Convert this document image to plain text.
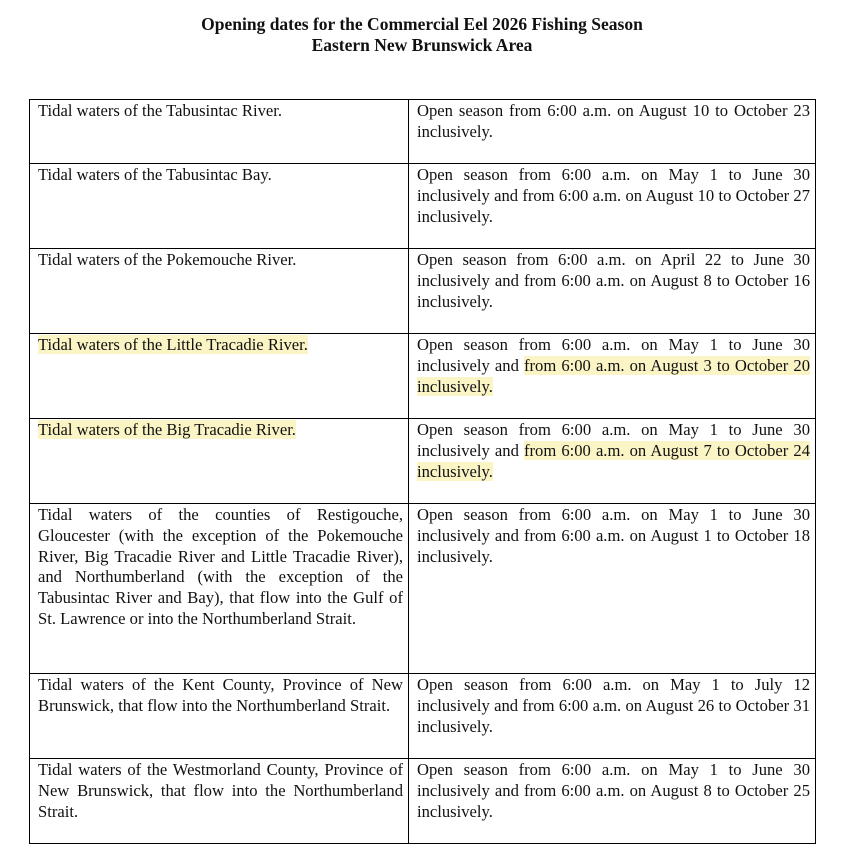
Opening dates for the Commercial Eel 2026 Fishing Season
Eastern New Brunswick Area
Tidal waters of the Tabusintac River.	Open season from 6:00 a.m. on August 10 to October 23 inclusively.
Tidal waters of the Tabusintac Bay.	Open season from 6:00 a.m. on May 1 to June 30 inclusively and from 6:00 a.m. on August 10 to October 27 inclusively.
Tidal waters of the Pokemouche River.	Open season from 6:00 a.m. on April 22 to June 30 inclusively and from 6:00 a.m. on August 8 to October 16 inclusively.
Tidal waters of the Little Tracadie River.	Open season from 6:00 a.m. on May 1 to June 30 inclusively and from 6:00 a.m. on August 3 to October 20 inclusively.
Tidal waters of the Big Tracadie River.	Open season from 6:00 a.m. on May 1 to June 30 inclusively and from 6:00 a.m. on August 7 to October 24 inclusively.
Tidal waters of the counties of Restigouche, Gloucester (with the exception of the Pokemouche River, Big Tracadie River and Little Tracadie River), and Northumberland (with the exception of the Tabusintac River and Bay), that flow into the Gulf of St. Lawrence or into the Northumberland Strait.	Open season from 6:00 a.m. on May 1 to June 30 inclusively and from 6:00 a.m. on August 1 to October 18 inclusively.
Tidal waters of the Kent County, Province of New Brunswick, that flow into the Northumberland Strait.	Open season from 6:00 a.m. on May 1 to July 12 inclusively and from 6:00 a.m. on August 26 to October 31 inclusively.
Tidal waters of the Westmorland County, Province of New Brunswick, that flow into the Northumberland Strait.	Open season from 6:00 a.m. on May 1 to June 30 inclusively and from 6:00 a.m. on August 8 to October 25 inclusively.
